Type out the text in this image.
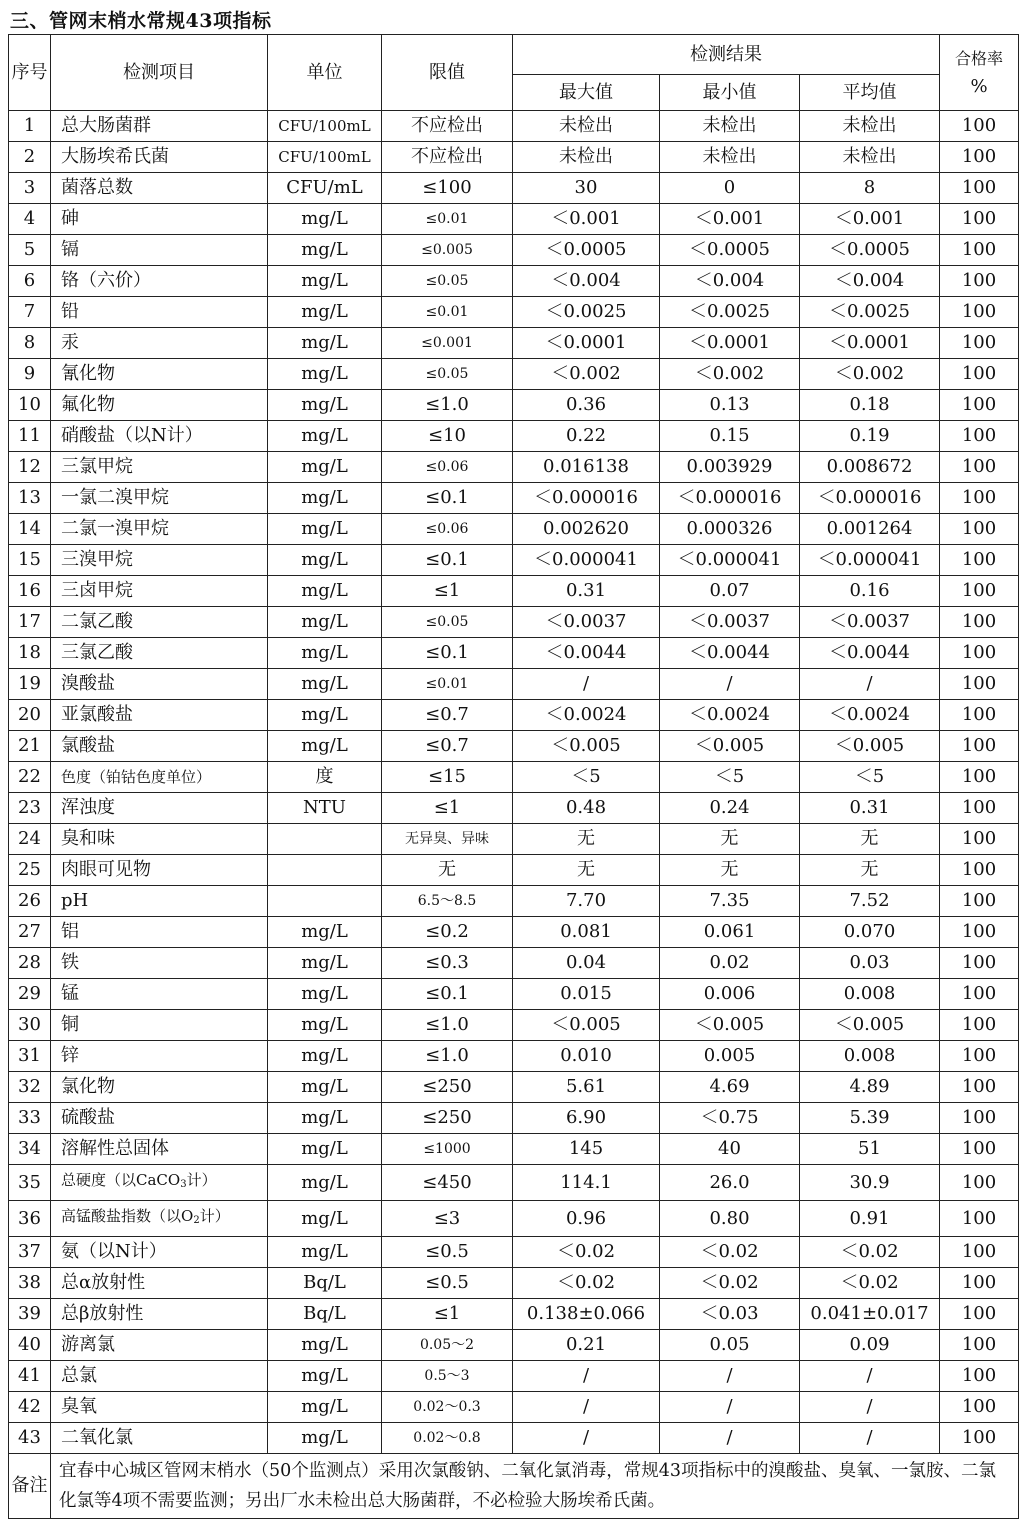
三、管网末梢水常规43项指标
序号	检测项目	单位	限值	检测结果			合格率
%

				最大值	最小值	平均值	
1	总大肠菌群	CFU/100mL	不应检出	未检出	未检出	未检出	100
2	大肠埃希氏菌	CFU/100mL	不应检出	未检出	未检出	未检出	100
3	菌落总数	CFU/mL	≤100	30	0	8	100
4	砷	mg/L	≤0.01	＜0.001	＜0.001	＜0.001	100
5	镉	mg/L	≤0.005	＜0.0005	＜0.0005	＜0.0005	100
6	铬（六价）	mg/L	≤0.05	＜0.004	＜0.004	＜0.004	100
7	铅	mg/L	≤0.01	＜0.0025	＜0.0025	＜0.0025	100
8	汞	mg/L	≤0.001	＜0.0001	＜0.0001	＜0.0001	100
9	氰化物	mg/L	≤0.05	＜0.002	＜0.002	＜0.002	100
10	氟化物	mg/L	≤1.0	0.36	0.13	0.18	100
11	硝酸盐（以N计）	mg/L	≤10	0.22	0.15	0.19	100
12	三氯甲烷	mg/L	≤0.06	0.016138	0.003929	0.008672	100
13	一氯二溴甲烷	mg/L	≤0.1	＜0.000016	＜0.000016	＜0.000016	100
14	二氯一溴甲烷	mg/L	≤0.06	0.002620	0.000326	0.001264	100
15	三溴甲烷	mg/L	≤0.1	＜0.000041	＜0.000041	＜0.000041	100
16	三卤甲烷	mg/L	≤1	0.31	0.07	0.16	100
17	二氯乙酸	mg/L	≤0.05	＜0.0037	＜0.0037	＜0.0037	100
18	三氯乙酸	mg/L	≤0.1	＜0.0044	＜0.0044	＜0.0044	100
19	溴酸盐	mg/L	≤0.01	/	/	/	100
20	亚氯酸盐	mg/L	≤0.7	＜0.0024	＜0.0024	＜0.0024	100
21	氯酸盐	mg/L	≤0.7	＜0.005	＜0.005	＜0.005	100
22	色度（铂钴色度单位）	度	≤15	＜5	＜5	＜5	100
23	浑浊度	NTU	≤1	0.48	0.24	0.31	100
24	臭和味		无异臭、异味	无	无	无	100
25	肉眼可见物		无	无	无	无	100
26	pH		6.5～8.5	7.70	7.35	7.52	100
27	铝	mg/L	≤0.2	0.081	0.061	0.070	100
28	铁	mg/L	≤0.3	0.04	0.02	0.03	100
29	锰	mg/L	≤0.1	0.015	0.006	0.008	100
30	铜	mg/L	≤1.0	＜0.005	＜0.005	＜0.005	100
31	锌	mg/L	≤1.0	0.010	0.005	0.008	100
32	氯化物	mg/L	≤250	5.61	4.69	4.89	100
33	硫酸盐	mg/L	≤250	6.90	＜0.75	5.39	100
34	溶解性总固体	mg/L	≤1000	145	40	51	100
35	总硬度（以CaCO$_3$计）	mg/L	≤450	114.1	26.0	30.9	100
36	高锰酸盐指数（以$O_2$计）	mg/L	≤3	0.96	0.80	0.91	100
37	氨（以N计）	mg/L	≤0.5	＜0.02	＜0.02	＜0.02	100
38	总α放射性	Bq/L	≤0.5	＜0.02	＜0.02	＜0.02	100
39	总β放射性	Bq/L	≤1	0.138±0.066	＜0.03	0.041±0.017	100
40	游离氯	mg/L	0.05～2	0.21	0.05	0.09	100
41	总氯	mg/L	0.5～3	/	/	/	100
42	臭氧	mg/L	0.02～0.3	/	/	/	100
43	二氧化氯	mg/L	0.02～0.8	/	/	/	100
备注	宜春中心城区管网末梢水（50个监测点）采用次氯酸钠、二氧化氯消毒，常规43项指标中的溴酸盐、臭氧、一氯胺、二氯化氯等4项不需要监测；另出厂水未检出总大肠菌群，不必检验大肠埃希氏菌。						
